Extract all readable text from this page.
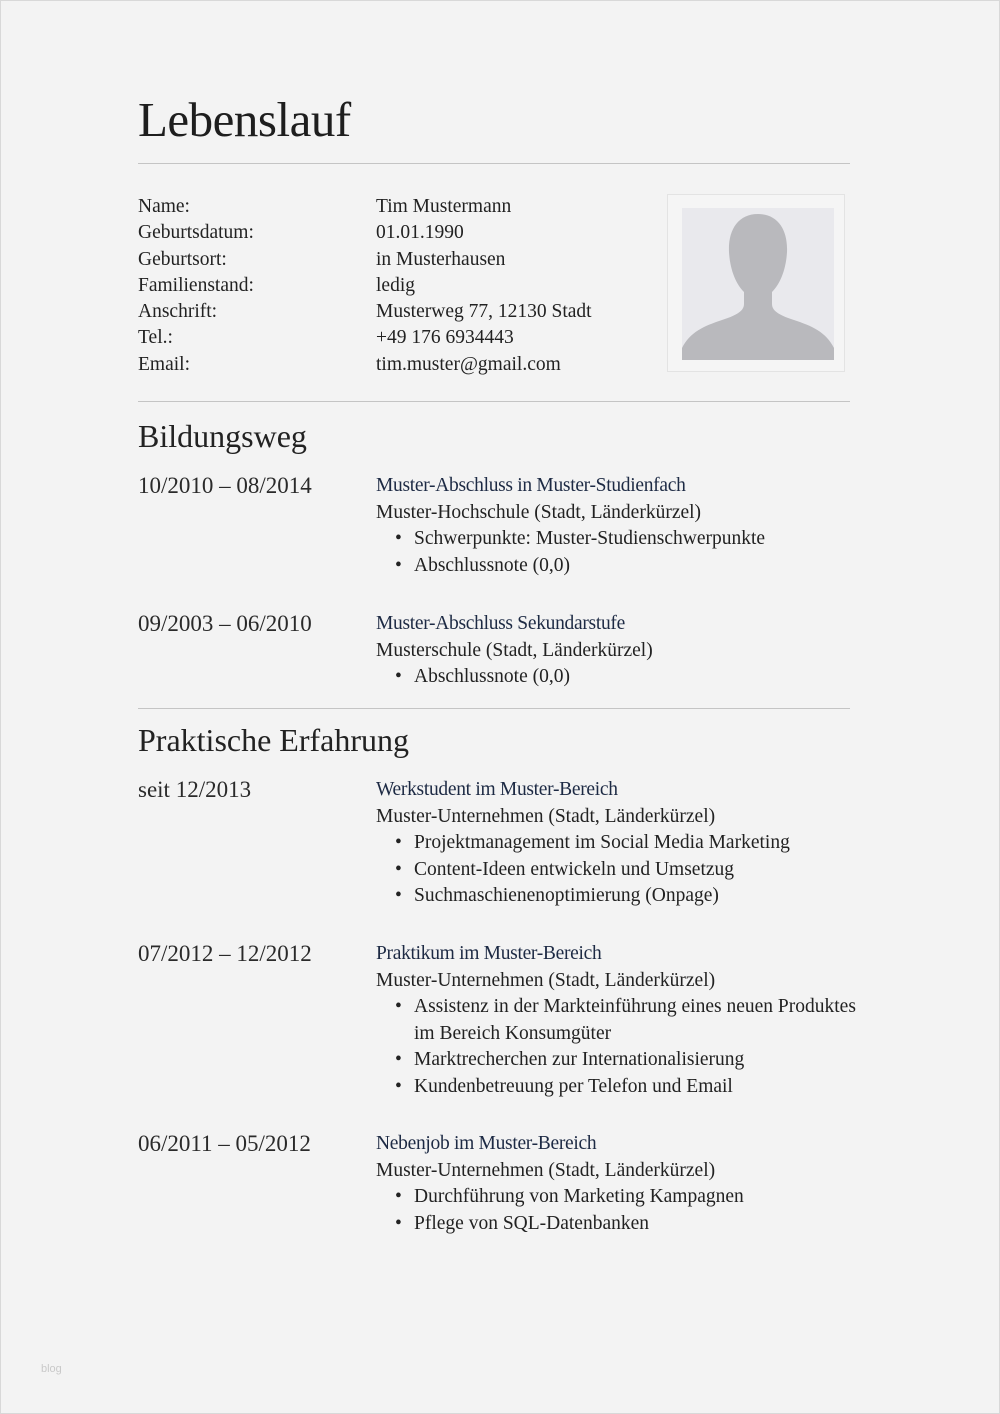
Lebenslauf
Name:	Tim Mustermann
Geburtsdatum:	01.01.1990
Geburtsort:	in Musterhausen
Familienstand:	ledig
Anschrift:	Musterweg 77, 12130 Stadt
Tel.:	+49 176 6934443
Email:	tim.muster@gmail.com
Bildungsweg
10/2010 – 08/2014	Muster-Abschluss in Muster-Studienfach
Muster-Hochschule (Stadt, Länderkürzel)
• Schwerpunkte: Muster-Studienschwerpunkte
• Abschlussnote (0,0)
09/2003 – 06/2010	Muster-Abschluss Sekundarstufe
Musterschule (Stadt, Länderkürzel)
• Abschlussnote (0,0)
Praktische Erfahrung
seit 12/2013	Werkstudent im Muster-Bereich
Muster-Unternehmen (Stadt, Länderkürzel)
• Projektmanagement im Social Media Marketing
• Content-Ideen entwickeln und Umsetzug
• Suchmaschienenoptimierung (Onpage)
07/2012 – 12/2012	Praktikum im Muster-Bereich
Muster-Unternehmen (Stadt, Länderkürzel)
• Assistenz in der Markteinführung eines neuen Produktes im Bereich Konsumgüter
• Marktrecherchen zur Internationalisierung
• Kundenbetreuung per Telefon und Email
06/2011 – 05/2012	Nebenjob im Muster-Bereich
Muster-Unternehmen (Stadt, Länderkürzel)
• Durchführung von Marketing Kampagnen
• Pflege von SQL-Datenbanken
blog
